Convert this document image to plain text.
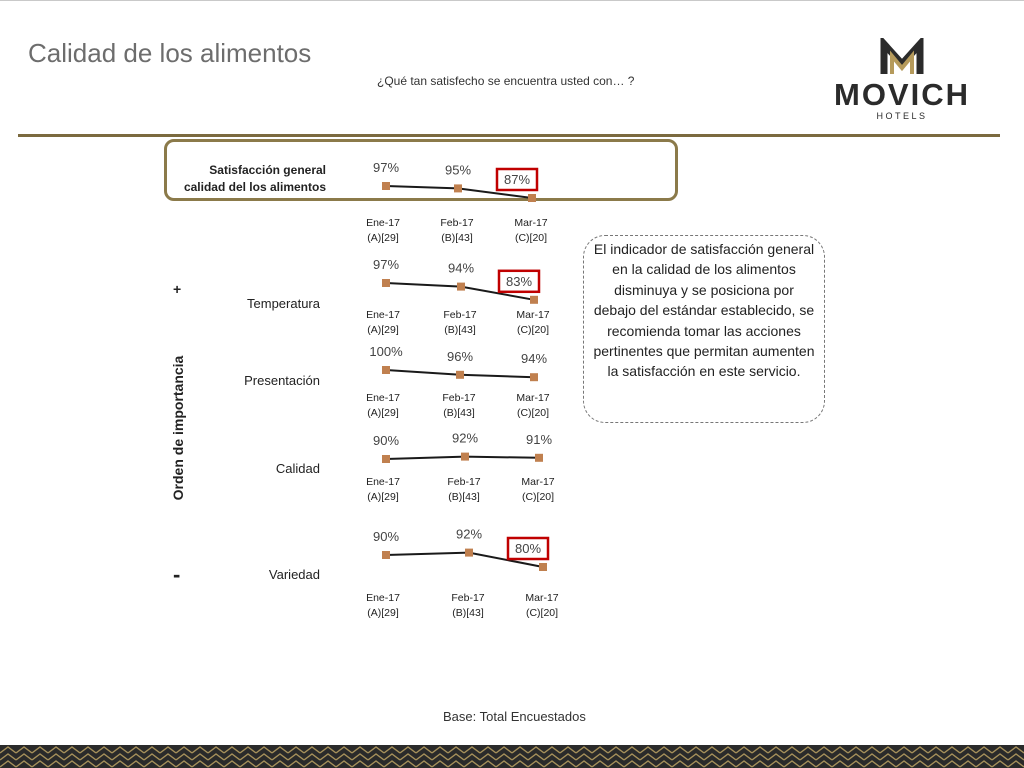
Calidad de los alimentos
¿Qué tan satisfecho se encuentra usted con… ?	MOVICH
HOTELS
Satisfacción general
calidad del los alimentos
Orden de importancia
+
-
Temperatura
Presentación
Calidad
Variedad
97%
Ene-17
(A)[29]
95%
Feb-17
(B)[43]
87%
Mar-17
(C)[20]
97%
Ene-17
(A)[29]
94%
Feb-17
(B)[43]
83%
Mar-17
(C)[20]
100%
Ene-17
(A)[29]
96%
Feb-17
(B)[43]
94%
Mar-17
(C)[20]
90%
Ene-17
(A)[29]
92%
Feb-17
(B)[43]
91%
Mar-17
(C)[20]
90%
Ene-17
(A)[29]
92%
Feb-17
(B)[43]
80%
Mar-17
(C)[20]
El indicador de satisfacción general en la calidad de los alimentos disminuya y se posiciona por debajo del estándar establecido, se recomienda tomar las acciones pertinentes que permitan aumenten la satisfacción en este servicio.
Base: Total Encuestados
